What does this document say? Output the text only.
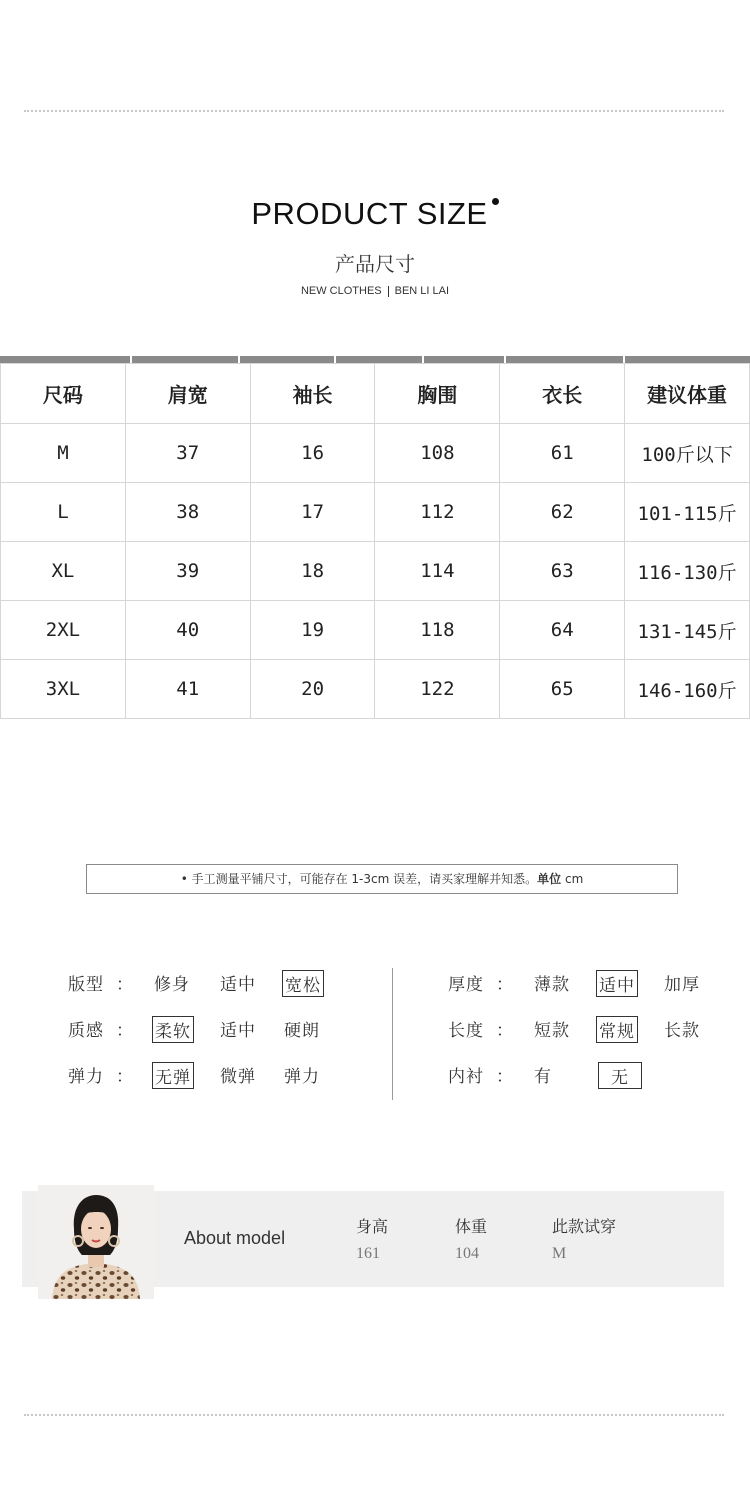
PRODUCT SIZE
产品尺寸
NEW CLOTHES BEN LI LAI
尺码	肩宽	袖长	胸围	衣长	建议体重
M	37	16	108	61	100斤以下
L	38	17	112	62	101-115斤
XL	39	18	114	63	116-130斤
2XL	40	19	118	64	131-145斤
3XL	41	20	122	65	146-160斤
• 手工测量平铺尺寸，可能存在 1-3cm 误差，请买家理解并知悉。单位 cm
版型 ： 修身 适中 宽松
质感 ： 柔软 适中 硬朗
弹力 ： 无弹 微弹 弹力
厚度 ： 薄款 适中 加厚
长度 ： 短款 常规 长款
内衬 ： 有	无
About model
身高
161
体重
104
此款试穿
M
